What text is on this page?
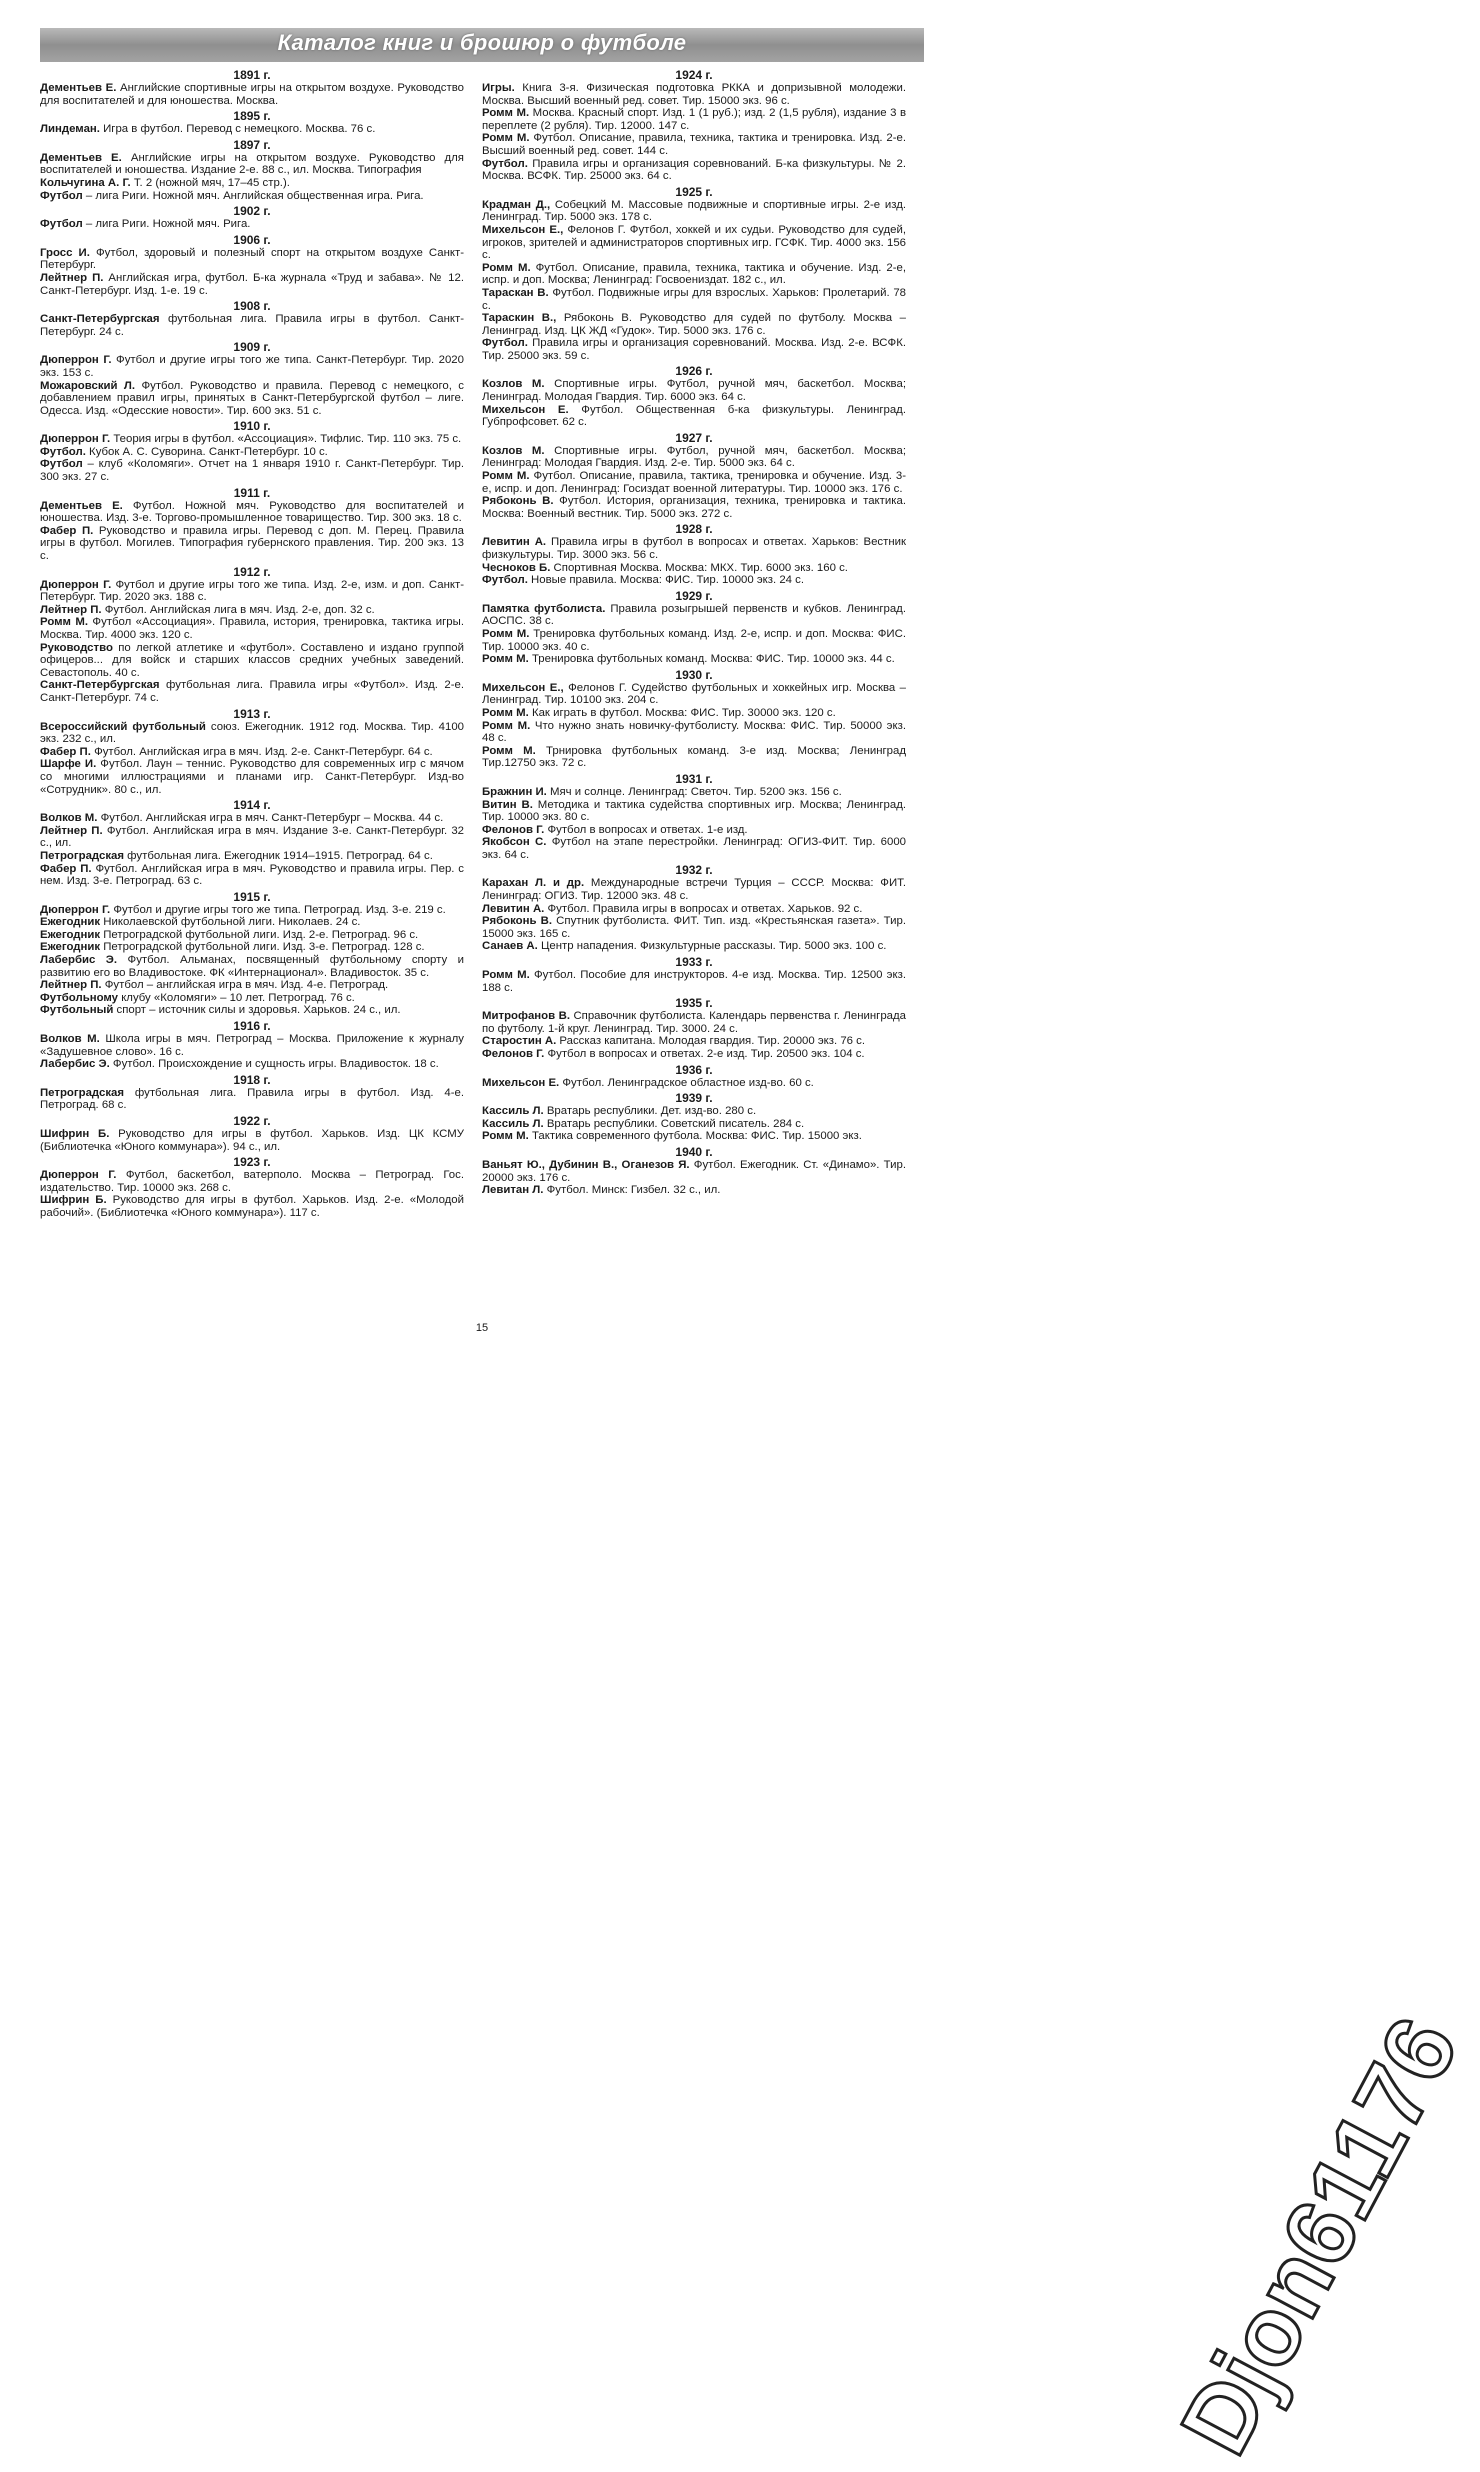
Каталог книг и брошюр о футболе
1891 г.

Дементьев Е. Английские спортивные игры на открытом воздухе. Руководство для воспитателей и для юношества. Москва.

1895 г.

Линдеман. Игра в футбол. Перевод с немецкого. Москва. 76 с.

1897 г.

Дементьев Е. Английские игры на открытом воздухе. Руководство для воспитателей и юношества. Издание 2-е. 88 с., ил. Москва. Типография

Кольчугина А. Г. Т. 2 (ножной мяч, 17–45 стр.).

Футбол – лига Риги. Ножной мяч. Английская общественная игра. Рига.

1902 г.

Футбол – лига Риги. Ножной мяч. Рига.

1906 г.

Гросс И. Футбол, здоровый и полезный спорт на открытом воздухе Санкт-Петербург.

Лейтнер П. Английская игра, футбол. Б-ка журнала «Труд и забава». № 12. Санкт-Петербург. Изд. 1-е. 19 с.

1908 г.

Санкт-Петербургская футбольная лига. Правила игры в футбол. Санкт-Петербург. 24 с.

1909 г.

Дюперрон Г. Футбол и другие игры того же типа. Санкт-Петербург. Тир. 2020 экз. 153 с.

Можаровский Л. Футбол. Руководство и правила. Перевод с немецкого, с добавлением правил игры, принятых в Санкт-Петербургской футбол – лиге. Одесса. Изд. «Одесские новости». Тир. 600 экз. 51 с.

1910 г.

Дюперрон Г. Теория игры в футбол. «Ассоциация». Тифлис. Тир. 110 экз. 75 с.

Футбол. Кубок А. С. Суворина. Санкт-Петербург. 10 с.

Футбол – клуб «Коломяги». Отчет на 1 января 1910 г. Санкт-Петербург. Тир. 300 экз. 27 с.

1911 г.

Дементьев Е. Футбол. Ножной мяч. Руководство для воспитателей и юношества. Изд. 3-е. Торгово-промышленное товарищество. Тир. 300 экз. 18 с.

Фабер П. Руководство и правила игры. Перевод с доп. М. Перец. Правила игры в футбол. Могилев. Типография губернского правления. Тир. 200 экз. 13 с.

1912 г.

Дюперрон Г. Футбол и другие игры того же типа. Изд. 2-е, изм. и доп. Санкт-Петербург. Тир. 2020 экз. 188 с.

Лейтнер П. Футбол. Английская лига в мяч. Изд. 2-е, доп. 32 с.

Ромм М. Футбол «Ассоциация». Правила, история, тренировка, тактика игры. Москва. Тир. 4000 экз. 120 с.

Руководство по легкой атлетике и «футбол». Составлено и издано группой офицеров... для войск и старших классов средних учебных заведений. Севастополь. 40 с.

Санкт-Петербургская футбольная лига. Правила игры «Футбол». Изд. 2-е. Санкт-Петербург. 74 с.

1913 г.

Всероссийский футбольный союз. Ежегодник. 1912 год. Москва. Тир. 4100 экз. 232 с., ил.

Фабер П. Футбол. Английская игра в мяч. Изд. 2-е. Санкт-Петербург. 64 с.

Шарфе И. Футбол. Лаун – теннис. Руководство для современных игр с мячом со многими иллюстрациями и планами игр. Санкт-Петербург. Изд-во «Сотрудник». 80 с., ил.

1914 г.

Волков М. Футбол. Английская игра в мяч. Санкт-Петербург – Москва. 44 с.

Лейтнер П. Футбол. Английская игра в мяч. Издание 3-е. Санкт-Петербург. 32 с., ил.

Петроградская футбольная лига. Ежегодник 1914–1915. Петроград. 64 с.

Фабер П. Футбол. Английская игра в мяч. Руководство и правила игры. Пер. с нем. Изд. 3-е. Петроград. 63 с.

1915 г.

Дюперрон Г. Футбол и другие игры того же типа. Петроград. Изд. 3-е. 219 с.

Ежегодник Николаевской футбольной лиги. Николаев. 24 с.

Ежегодник Петроградской футбольной лиги. Изд. 2-е. Петроград. 96 с.

Ежегодник Петроградской футбольной лиги. Изд. 3-е. Петроград. 128 с.

Лабербис Э. Футбол. Альманах, посвященный футбольному спорту и развитию его во Владивостоке. ФК «Интернационал». Владивосток. 35 с.

Лейтнер П. Футбол – английская игра в мяч. Изд. 4-е. Петроград.

Футбольному клубу «Коломяги» – 10 лет. Петроград. 76 с.

Футбольный спорт – источник силы и здоровья. Харьков. 24 с., ил.

1916 г.

Волков М. Школа игры в мяч. Петроград – Москва. Приложение к журналу «Задушевное слово». 16 с.

Лабербис Э. Футбол. Происхождение и сущность игры. Владивосток. 18 с.

1918 г.

Петроградская футбольная лига. Правила игры в футбол. Изд. 4-е. Петроград. 68 с.

1922 г.

Шифрин Б. Руководство для игры в футбол. Харьков. Изд. ЦК КСМУ (Библиотечка «Юного коммунара»). 94 с., ил.

1923 г.

Дюперрон Г. Футбол, баскетбол, ватерполо. Москва – Петроград. Гос. издательство. Тир. 10000 экз. 268 с.

Шифрин Б. Руководство для игры в футбол. Харьков. Изд. 2-е. «Молодой рабочий». (Библиотечка «Юного коммунара»). 117 с.

1924 г.

Игры. Книга 3-я. Физическая подготовка РККА и допризывной молодежи. Москва. Высший военный ред. совет. Тир. 15000 экз. 96 с.

Ромм М. Москва. Красный спорт. Изд. 1 (1 руб.); изд. 2 (1,5 рубля), издание 3 в переплете (2 рубля). Тир. 12000. 147 с.

Ромм М. Футбол. Описание, правила, техника, тактика и тренировка. Изд. 2-е. Высший военный ред. совет. 144 с.

Футбол. Правила игры и организация соревнований. Б-ка физкультуры. № 2. Москва. ВСФК. Тир. 25000 экз. 64 с.

1925 г.

Крадман Д., Собецкий М. Массовые подвижные и спортивные игры. 2-е изд. Ленинград. Тир. 5000 экз. 178 с.

Михельсон Е., Фелонов Г. Футбол, хоккей и их судьи. Руководство для судей, игроков, зрителей и администраторов спортивных игр. ГСФК. Тир. 4000 экз. 156 с.

Ромм М. Футбол. Описание, правила, техника, тактика и обучение. Изд. 2-е, испр. и доп. Москва; Ленинград: Госвоениздат. 182 с., ил.

Тараскан В. Футбол. Подвижные игры для взрослых. Харьков: Пролетарий. 78 с.

Тараскин В., Рябоконь В. Руководство для судей по футболу. Москва – Ленинград. Изд. ЦК ЖД «Гудок». Тир. 5000 экз. 176 с.

Футбол. Правила игры и организация соревнований. Москва. Изд. 2-е. ВСФК. Тир. 25000 экз. 59 с.

1926 г.

Козлов М. Спортивные игры. Футбол, ручной мяч, баскетбол. Москва; Ленинград. Молодая Гвардия. Тир. 6000 экз. 64 с.

Михельсон Е. Футбол. Общественная б-ка физкультуры. Ленинград. Губпрофсовет. 62 с.

1927 г.

Козлов М. Спортивные игры. Футбол, ручной мяч, баскетбол. Москва; Ленинград: Молодая Гвардия. Изд. 2-е. Тир. 5000 экз. 64 с.

Ромм М. Футбол. Описание, правила, тактика, тренировка и обучение. Изд. 3-е, испр. и доп. Ленинград: Госиздат военной литературы. Тир. 10000 экз. 176 с.

Рябоконь В. Футбол. История, организация, техника, тренировка и тактика. Москва: Военный вестник. Тир. 5000 экз. 272 с.

1928 г.

Левитин А. Правила игры в футбол в вопросах и ответах. Харьков: Вестник физкультуры. Тир. 3000 экз. 56 с.

Чесноков Б. Спортивная Москва. Москва: МКХ. Тир. 6000 экз. 160 с.

Футбол. Новые правила. Москва: ФИС. Тир. 10000 экз. 24 с.

1929 г.

Памятка футболиста. Правила розыгрышей первенств и кубков. Ленинград. АОСПС. 38 с.

Ромм М. Тренировка футбольных команд. Изд. 2-е, испр. и доп. Москва: ФИС. Тир. 10000 экз. 40 с.

Ромм М. Тренировка футбольных команд. Москва: ФИС. Тир. 10000 экз. 44 с.

1930 г.

Михельсон Е., Фелонов Г. Судейство футбольных и хоккейных игр. Москва – Ленинград. Тир. 10100 экз. 204 с.

Ромм М. Как играть в футбол. Москва: ФИС. Тир. 30000 экз. 120 с.

Ромм М. Что нужно знать новичку-футболисту. Москва: ФИС. Тир. 50000 экз. 48 с.

Ромм М. Трнировка футбольных команд. 3-е изд. Москва; Ленинград Тир.12750 экз. 72 с.

1931 г.

Бражнин И. Мяч и солнце. Ленинград: Светоч. Тир. 5200 экз. 156 с.

Витин В. Методика и тактика судейства спортивных игр. Москва; Ленинград. Тир. 10000 экз. 80 с.

Фелонов Г. Футбол в вопросах и ответах. 1-е изд.

Якобсон С. Футбол на этапе перестройки. Ленинград: ОГИЗ-ФИТ. Тир. 6000 экз. 64 с.

1932 г.

Карахан Л. и др. Международные встречи Турция – СССР. Москва: ФИТ. Ленинград: ОГИЗ. Тир. 12000 экз. 48 с.

Левитин А. Футбол. Правила игры в вопросах и ответах. Харьков. 92 с.

Рябоконь В. Спутник футболиста. ФИТ. Тип. изд. «Крестьянская газета». Тир. 15000 экз. 165 с.

Санаев А. Центр нападения. Физкультурные рассказы. Тир. 5000 экз. 100 с.

1933 г.

Ромм М. Футбол. Пособие для инструкторов. 4-е изд. Москва. Тир. 12500 экз. 188 с.

1935 г.

Митрофанов В. Справочник футболиста. Календарь первенства г. Ленинграда по футболу. 1-й круг. Ленинград. Тир. 3000. 24 с.

Старостин А. Рассказ капитана. Молодая гвардия. Тир. 20000 экз. 76 с.

Фелонов Г. Футбол в вопросах и ответах. 2-е изд. Тир. 20500 экз. 104 с.

1936 г.

Михельсон Е. Футбол. Ленинградское областное изд-во. 60 с.

1939 г.

Кассиль Л. Вратарь республики. Дет. изд-во. 280 с.

Кассиль Л. Вратарь республики. Советский писатель. 284 с.

Ромм М. Тактика современного футбола. Москва: ФИС. Тир. 15000 экз.

1940 г.

Ваньят Ю., Дубинин В., Оганезов Я. Футбол. Ежегодник. Ст. «Динамо». Тир. 20000 экз. 176 с.

Левитан Л. Футбол. Минск: Гизбел. 32 с., ил.

15
Djon61176
